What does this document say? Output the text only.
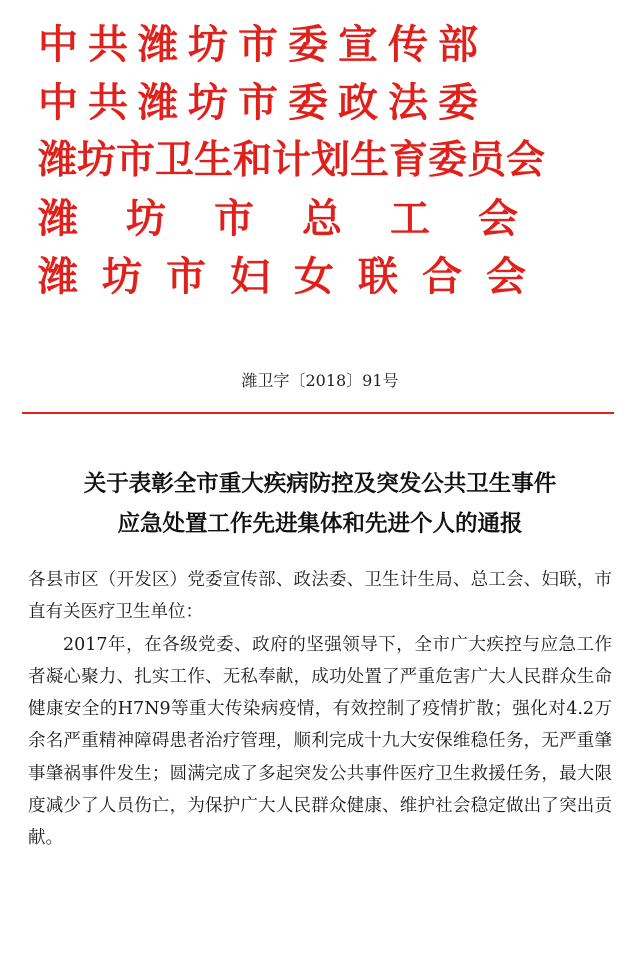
中共潍坊市委宣传部
中共潍坊市委政法委
潍坊市卫生和计划生育委员会
潍坊市总工会
潍坊市妇女联合会
潍卫字〔2018〕91号
关于表彰全市重大疾病防控及突发公共卫生事件
应急处置工作先进集体和先进个人的通报

各县市区（开发区）党委宣传部、政法委、卫生计生局、总工会、妇联，市直有关医疗卫生单位：

2017年，在各级党委、政府的坚强领导下，全市广大疾控与应急工作者凝心聚力、扎实工作、无私奉献，成功处置了严重危害广大人民群众生命健康安全的H7N9等重大传染病疫情，有效控制了疫情扩散；强化对4.2万余名严重精神障碍患者治疗管理，顺利完成十九大安保维稳任务，无严重肇事肇祸事件发生；圆满完成了多起突发公共事件医疗卫生救援任务，最大限度减少了人员伤亡，为保护广大人民群众健康、维护社会稳定做出了突出贡献。
